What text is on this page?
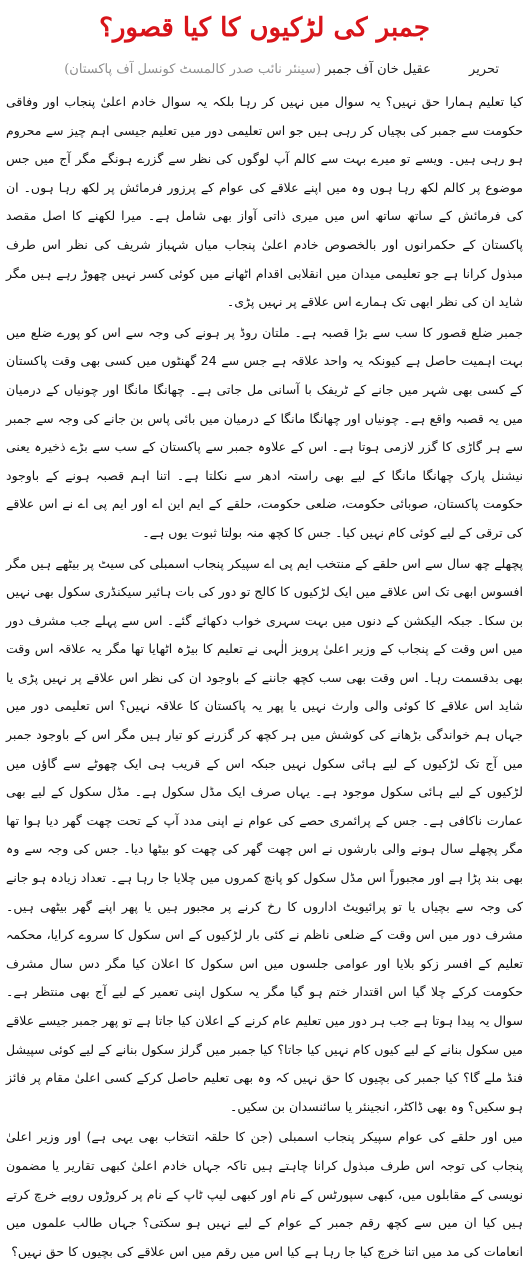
جمبر کی لڑکیوں کا کیا قصور؟
تحریر عقیل خان آف جمبر (سینئر نائب صدر کالمسٹ کونسل آف پاکستان)

کیا تعلیم ہمارا حق نہیں؟ یہ سوال میں نہیں کر رہا بلکہ یہ سوال خادم اعلیٰ پنجاب اور وفاقی حکومت سے جمبر کی بچیاں کر رہی ہیں جو اس تعلیمی دور میں تعلیم جیسی اہم چیز سے محروم ہو رہی ہیں۔ ویسے تو میرے بہت سے کالم آپ لوگوں کی نظر سے گزرے ہونگے مگر آج میں جس موضوع پر کالم لکھ رہا ہوں وہ میں اپنے علاقے کی عوام کے پرزور فرمائش پر لکھ رہا ہوں۔ ان کی فرمائش کے ساتھ ساتھ اس میں میری ذاتی آواز بھی شامل ہے۔ میرا لکھنے کا اصل مقصد پاکستان کے حکمرانوں اور بالخصوص خادم اعلیٰ پنجاب میاں شہباز شریف کی نظر اس طرف مبذول کرانا ہے جو تعلیمی میدان میں انقلابی اقدام اٹھانے میں کوئی کسر نہیں چھوڑ رہے ہیں مگر شاید ان کی نظر ابھی تک ہمارے اس علاقے پر نہیں پڑی۔

جمبر ضلع قصور کا سب سے بڑا قصبہ ہے۔ ملتان روڈ پر ہونے کی وجہ سے اس کو پورے ضلع میں بہت اہمیت حاصل ہے کیونکہ یہ واحد علاقہ ہے جس سے 24 گھنٹوں میں کسی بھی وقت پاکستان کے کسی بھی شہر میں جانے کے ٹریفک با آسانی مل جاتی ہے۔ چھانگا مانگا اور چونیاں کے درمیان میں یہ قصبہ واقع ہے۔ چونیاں اور چھانگا مانگا کے درمیان میں بائی پاس بن جانے کی وجہ سے جمبر سے ہر گاڑی کا گزر لازمی ہوتا ہے۔ اس کے علاوہ جمبر سے پاکستان کے سب سے بڑے ذخیرہ یعنی نیشنل پارک چھانگا مانگا کے لیے بھی راستہ ادھر سے نکلتا ہے۔ اتنا اہم قصبہ ہونے کے باوجود حکومت پاکستان، صوبائی حکومت، ضلعی حکومت، حلقے کے ایم این اے اور ایم پی اے نے اس علاقے کی ترقی کے لیے کوئی کام نہیں کیا۔ جس کا کچھ منہ بولتا ثبوت یوں ہے۔

پچھلے چھ سال سے اس حلقے کے منتخب ایم پی اے سپیکر پنجاب اسمبلی کی سیٹ پر بیٹھے ہیں مگر افسوس ابھی تک اس علاقے میں ایک لڑکیوں کا کالج تو دور کی بات ہائیر سیکنڈری سکول بھی نہیں بن سکا۔ جبکہ الیکشن کے دنوں میں بہت سہری خواب دکھائے گئے۔ اس سے پہلے جب مشرف دور میں اس وقت کے پنجاب کے وزیر اعلیٰ پرویز الٰہی نے تعلیم کا بیڑہ اٹھایا تھا مگر یہ علاقہ اس وقت بھی بدقسمت رہا۔ اس وقت بھی سب کچھ جاننے کے باوجود ان کی نظر اس علاقے پر نہیں پڑی یا شاید اس علاقے کا کوئی والی وارث نہیں یا پھر یہ پاکستان کا علاقہ نہیں؟ اس تعلیمی دور میں جہاں ہم خواندگی بڑھانے کی کوشش میں ہر کچھ کر گزرنے کو تیار ہیں مگر اس کے باوجود جمبر میں آج تک لڑکیوں کے لیے ہائی سکول نہیں جبکہ اس کے قریب ہی ایک چھوٹے سے گاؤں میں لڑکیوں کے لیے ہائی سکول موجود ہے۔ یہاں صرف ایک مڈل سکول ہے۔ مڈل سکول کے لیے بھی عمارت ناکافی ہے۔ جس کے پرائمری حصے کی عوام نے اپنی مدد آپ کے تحت چھت گھر دیا ہوا تھا مگر پچھلے سال ہونے والی بارشوں نے اس چھت گھر کی چھت کو بیٹھا دیا۔ جس کی وجہ سے وہ بھی بند پڑا ہے اور مجبوراً اس مڈل سکول کو پانچ کمروں میں چلایا جا رہا ہے۔ تعداد زیادہ ہو جانے کی وجہ سے بچیاں یا تو پرائیویٹ اداروں کا رخ کرنے پر مجبور ہیں یا پھر اپنے گھر بیٹھی ہیں۔ مشرف دور میں اس وقت کے ضلعی ناظم نے کئی بار لڑکیوں کے اس سکول کا سروے کرایا، محکمہ تعلیم کے افسر زکو بلایا اور عوامی جلسوں میں اس سکول کا اعلان کیا مگر دس سال مشرف حکومت کرکے چلا گیا اس اقتدار ختم ہو گیا مگر یہ سکول اپنی تعمیر کے لیے آج بھی منتظر ہے۔ سوال یہ پیدا ہوتا ہے جب ہر دور میں تعلیم عام کرنے کے اعلان کیا جاتا ہے تو پھر جمبر جیسے علاقے میں سکول بنانے کے لیے کیوں کام نہیں کیا جاتا؟ کیا جمبر میں گرلز سکول بنانے کے لیے کوئی سپیشل فنڈ ملے گا؟ کیا جمبر کی بچیوں کا حق نہیں کہ وہ بھی تعلیم حاصل کرکے کسی اعلیٰ مقام پر فائز ہو سکیں؟ وہ بھی ڈاکٹر، انجینئر یا سائنسدان بن سکیں۔

میں اور حلقے کی عوام سپیکر پنجاب اسمبلی (جن کا حلقہ انتخاب بھی یہی ہے) اور وزیر اعلیٰ پنجاب کی توجہ اس طرف مبذول کرانا چاہتے ہیں تاکہ جہاں خادم اعلیٰ کبھی تقاریر یا مضمون نویسی کے مقابلوں میں، کبھی سپورٹس کے نام اور کبھی لیپ ٹاپ کے نام پر کروڑوں روپے خرچ کرتے ہیں کیا ان میں سے کچھ رقم جمبر کے عوام کے لیے نہیں ہو سکتی؟ جہاں طالب علموں میں انعامات کی مد میں اتنا خرچ کیا جا رہا ہے کیا اس میں رقم میں اس علاقے کی بچیوں کا حق نہیں؟
